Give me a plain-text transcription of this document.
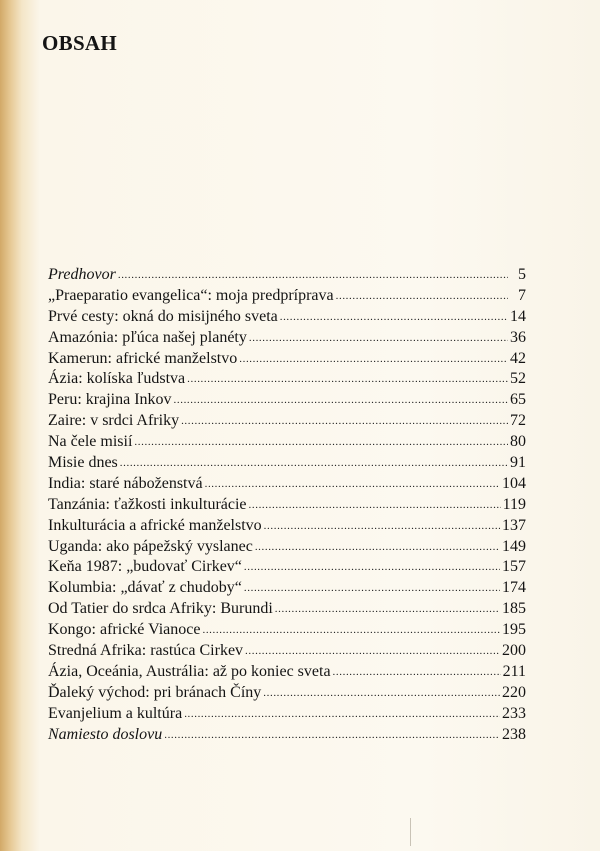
OBSAH
Predhovor .....	5
„Praeparatio evangelica“: moja predprípravа .....	7
Prvé cesty: okná do misijného sveta .....	14
Amazónia: pľúca našej planéty .....	36
Kamerun: africké manželstvo .....	42
Ázia: kolíska ľudstva .....	52
Peru: krajina Inkov .....	65
Zaire: v srdci Afriky .....	72
Na čele misií .....	80
Misie dnes .....	91
India: staré náboženstvá .....	104
Tanzánia: ťažkosti inkulturácie .....	119
Inkulturácia a africké manželstvo .....	137
Uganda: ako pápežský vyslanec .....	149
Keňa 1987: „budovať Cirkev“ .....	157
Kolumbia: „dávať z chudoby“ .....	174
Od Tatier do srdca Afriky: Burundi .....	185
Kongo: africké Vianoce .....	195
Stredná Afrika: rastúca Cirkev .....	200
Ázia, Oceánia, Austrália: až po koniec sveta .....	211
Ďaleký východ: pri bránach Číny .....	220
Evanjelium a kultúra .....	233
Namiesto doslovu .....	238
